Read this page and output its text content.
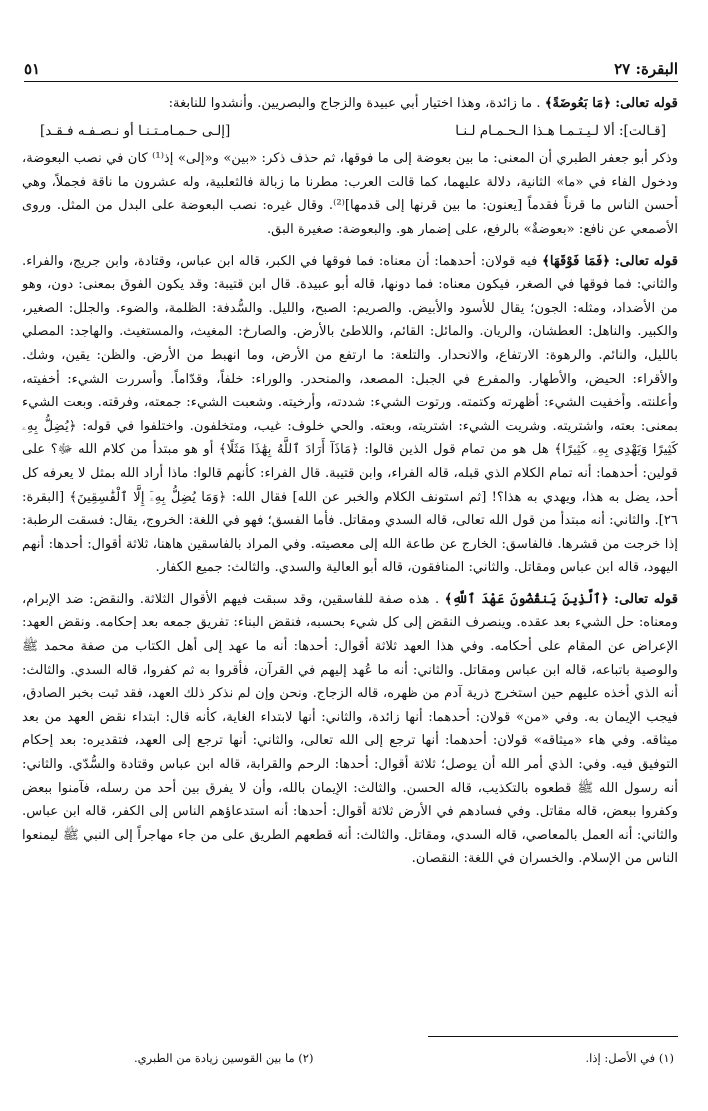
البقرة: ٢٧
٥١

قوله تعالى: ﴿مَا بَعُوضَةً﴾ . ما زائدة، وهذا اختيار أبي عبيدة والزجاج والبصريين. وأنشدوا للنابغة:

[قـالت]: ألا لـيـتـمـا هـذا الـحـمـام لـنـا
[إلـى حـمـامـتـنـا أو نـصـفـه فـقـد]

وذكر أبو جعفر الطبري أن المعنى: ما بين بعوضة إلى ما فوقها، ثم حذف ذكر: «بين» و«إلى» إذ⁽¹⁾ كان في نصب البعوضة، ودخول الفاء في «ما» الثانية، دلالة عليهما، كما قالت العرب: مطرنا ما زبالة فالثعلبية، وله عشرون ما ناقة فجملاً، وهي أحسن الناس ما قرناً فقدماً [يعنون: ما بين قرنها إلى قدمها]⁽²⁾. وقال غيره: نصب البعوضة على البدل من المثل. وروى الأصمعي عن نافع: «بعوضةٌ» بالرفع، على إضمار هو. والبعوضة: صغيرة البق.

قوله تعالى: ﴿فَمَا فَوْقَهَا﴾ فيه قولان: أحدهما: أن معناه: فما فوقها في الكبر، قاله ابن عباس، وقتادة، وابن جريج، والفراء. والثاني: فما فوقها في الصغر، فيكون معناه: فما دونها، قاله أبو عبيدة. قال ابن قتيبة: وقد يكون الفوق بمعنى: دون، وهو من الأضداد، ومثله: الجون؛ يقال للأسود والأبيض. والصريم: الصبح، والليل. والسُّدفة: الظلمة، والضوء. والجلل: الصغير، والكبير. والناهل: العطشان، والريان. والمائل: القائم، واللاطئ بالأرض. والصارخ: المغيث، والمستغيث. والهاجد: المصلي بالليل، والنائم. والرهوة: الارتفاع، والانحدار. والتلعة: ما ارتفع من الأرض، وما انهبط من الأرض. والظن: يقين، وشك. والأقراء: الحيض، والأطهار. والمفرع في الجبل: المصعد، والمنحدر. والوراء: خلفاً، وقدّاماً. وأسررت الشيء: أخفيته، وأعلنته. وأخفيت الشيء: أظهرته وكتمته. ورتوت الشيء: شددته، وأرخيته. وشعبت الشيء: جمعته، وفرقته. وبعت الشيء بمعنى: بعته، واشتريته. وشريت الشيء: اشتريته، وبعته. والحي خلوف: غيب، ومتخلفون. واختلفوا في قوله: ﴿يُضِلُّ بِهِۦ كَثِيرًا وَيَهْدِى بِهِۦ كَثِيرًا﴾ هل هو من تمام قول الذين قالوا: ﴿مَاذَآ أَرَادَ ٱللَّهُ بِهَٰذَا مَثَلًا﴾ أو هو مبتدأ من كلام الله ﷻ؟ على قولين: أحدهما: أنه تمام الكلام الذي قبله، قاله الفراء، وابن قتيبة. قال الفراء: كأنهم قالوا: ماذا أراد الله بمثل لا يعرفه كل أحد، يضل به هذا، ويهدي به هذا؟! [ثم استونف الكلام والخبر عن الله] فقال الله: ﴿وَمَا يُضِلُّ بِهِۦٓ إِلَّا ٱلْفَٰسِقِينَ﴾ [البقرة: ٢٦]. والثاني: أنه مبتدأ من قول الله تعالى، قاله السدي ومقاتل. فأما الفسق؛ فهو في اللغة: الخروج، يقال: فسقت الرطبة: إذا خرجت من قشرها. فالفاسق: الخارج عن طاعة الله إلى معصيته. وفي المراد بالفاسقين هاهنا، ثلاثة أقوال: أحدها: أنهم اليهود، قاله ابن عباس ومقاتل. والثاني: المنافقون، قاله أبو العالية والسدي. والثالث: جميع الكفار.

قوله تعالى: ﴿ٱلَّذِينَ يَنقُضُونَ عَهْدَ ٱللَّهِ﴾ . هذه صفة للفاسقين، وقد سبقت فيهم الأقوال الثلاثة. والنقض: ضد الإبرام، ومعناه: حل الشيء بعد عقده. وينصرف النقض إلى كل شيء بحسبه، فنقض البناء: تفريق جمعه بعد إحكامه. ونقض العهد: الإعراض عن المقام على أحكامه. وفي هذا العهد ثلاثة أقوال: أحدها: أنه ما عهد إلى أهل الكتاب من صفة محمد ﷺ والوصية باتباعه، قاله ابن عباس ومقاتل. والثاني: أنه ما عُهد إليهم في القرآن، فأقروا به ثم كفروا، قاله السدي. والثالث: أنه الذي أخذه عليهم حين استخرج ذرية آدم من ظهره، قاله الزجاج. ونحن وإن لم نذكر ذلك العهد، فقد ثبت بخبر الصادق، فيجب الإيمان به. وفي «من» قولان: أحدهما: أنها زائدة، والثاني: أنها لابتداء الغاية، كأنه قال: ابتداء نقض العهد من بعد ميثاقه. وفي هاء «ميثاقه» قولان: أحدهما: أنها ترجع إلى الله تعالى، والثاني: أنها ترجع إلى العهد، فتقديره: بعد إحكام التوفيق فيه. وفي: الذي أمر الله أن يوصل؛ ثلاثة أقوال: أحدها: الرحم والقرابة، قاله ابن عباس وقتادة والسُّدّي. والثاني: أنه رسول الله ﷺ قطعوه بالتكذيب، قاله الحسن. والثالث: الإيمان بالله، وأن لا يفرق بين أحد من رسله، فآمنوا ببعض وكفروا ببعض، قاله مقاتل. وفي فسادهم في الأرض ثلاثة أقوال: أحدها: أنه استدعاؤهم الناس إلى الكفر، قاله ابن عباس. والثاني: أنه العمل بالمعاصي، قاله السدي، ومقاتل. والثالث: أنه قطعهم الطريق على من جاء مهاجراً إلى النبي ﷺ ليمنعوا الناس من الإسلام. والخسران في اللغة: النقصان.

(١) في الأصل: إذا.
(٢) ما بين القوسين زيادة من الطبري.
